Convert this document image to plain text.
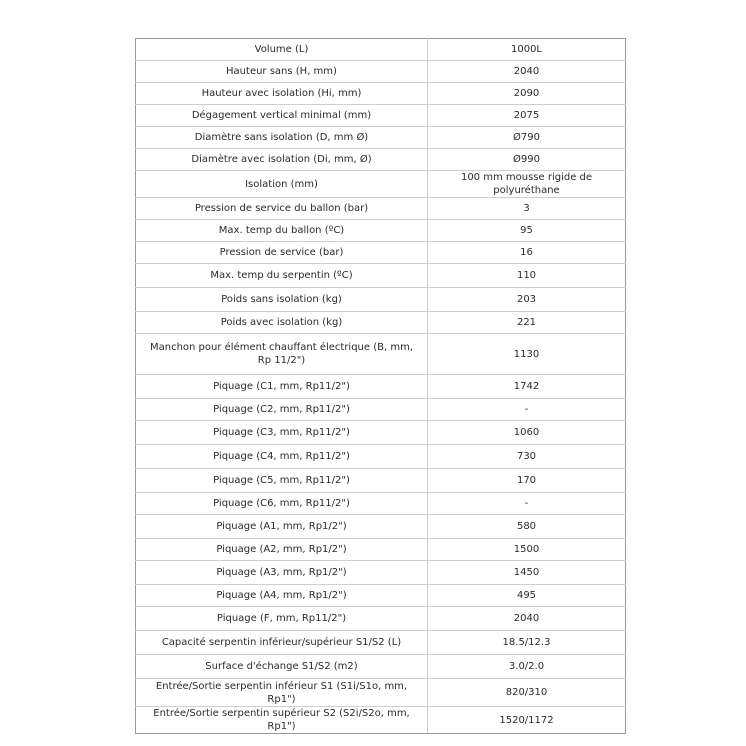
Volume (L)	1000L
Hauteur sans (H, mm)	2040
Hauteur avec isolation (Hi, mm)	2090
Dégagement vertical minimal (mm)	2075
Diamètre sans isolation (D, mm Ø)	Ø790
Diamètre avec isolation (Di, mm, Ø)	Ø990
Isolation (mm)	100 mm mousse rigide de polyuréthane
Pression de service du ballon (bar)	3
Max. temp du ballon (ºC)	95
Pression de service (bar)	16
Max. temp du serpentin (ºC)	110
Poids sans isolation (kg)	203
Poids avec isolation (kg)	221
Manchon pour élément chauffant électrique (B, mm, Rp 11/2")	1130
Piquage (C1, mm, Rp11/2")	1742
Piquage (C2, mm, Rp11/2")	-
Piquage (C3, mm, Rp11/2")	1060
Piquage (C4, mm, Rp11/2")	730
Piquage (C5, mm, Rp11/2")	170
Piquage (C6, mm, Rp11/2")	-
Piquage (A1, mm, Rp1/2")	580
Piquage (A2, mm, Rp1/2")	1500
Piquage (A3, mm, Rp1/2")	1450
Piquage (A4, mm, Rp1/2")	495
Piquage (F, mm, Rp11/2")	2040
Capacité serpentin inférieur/supérieur S1/S2 (L)	18.5/12.3
Surface d'échange S1/S2 (m2)	3.0/2.0
Entrée/Sortie serpentin inférieur S1 (S1i/S1o, mm, Rp1")	820/310
Entrée/Sortie serpentin supérieur S2 (S2i/S2o, mm, Rp1")	1520/1172
